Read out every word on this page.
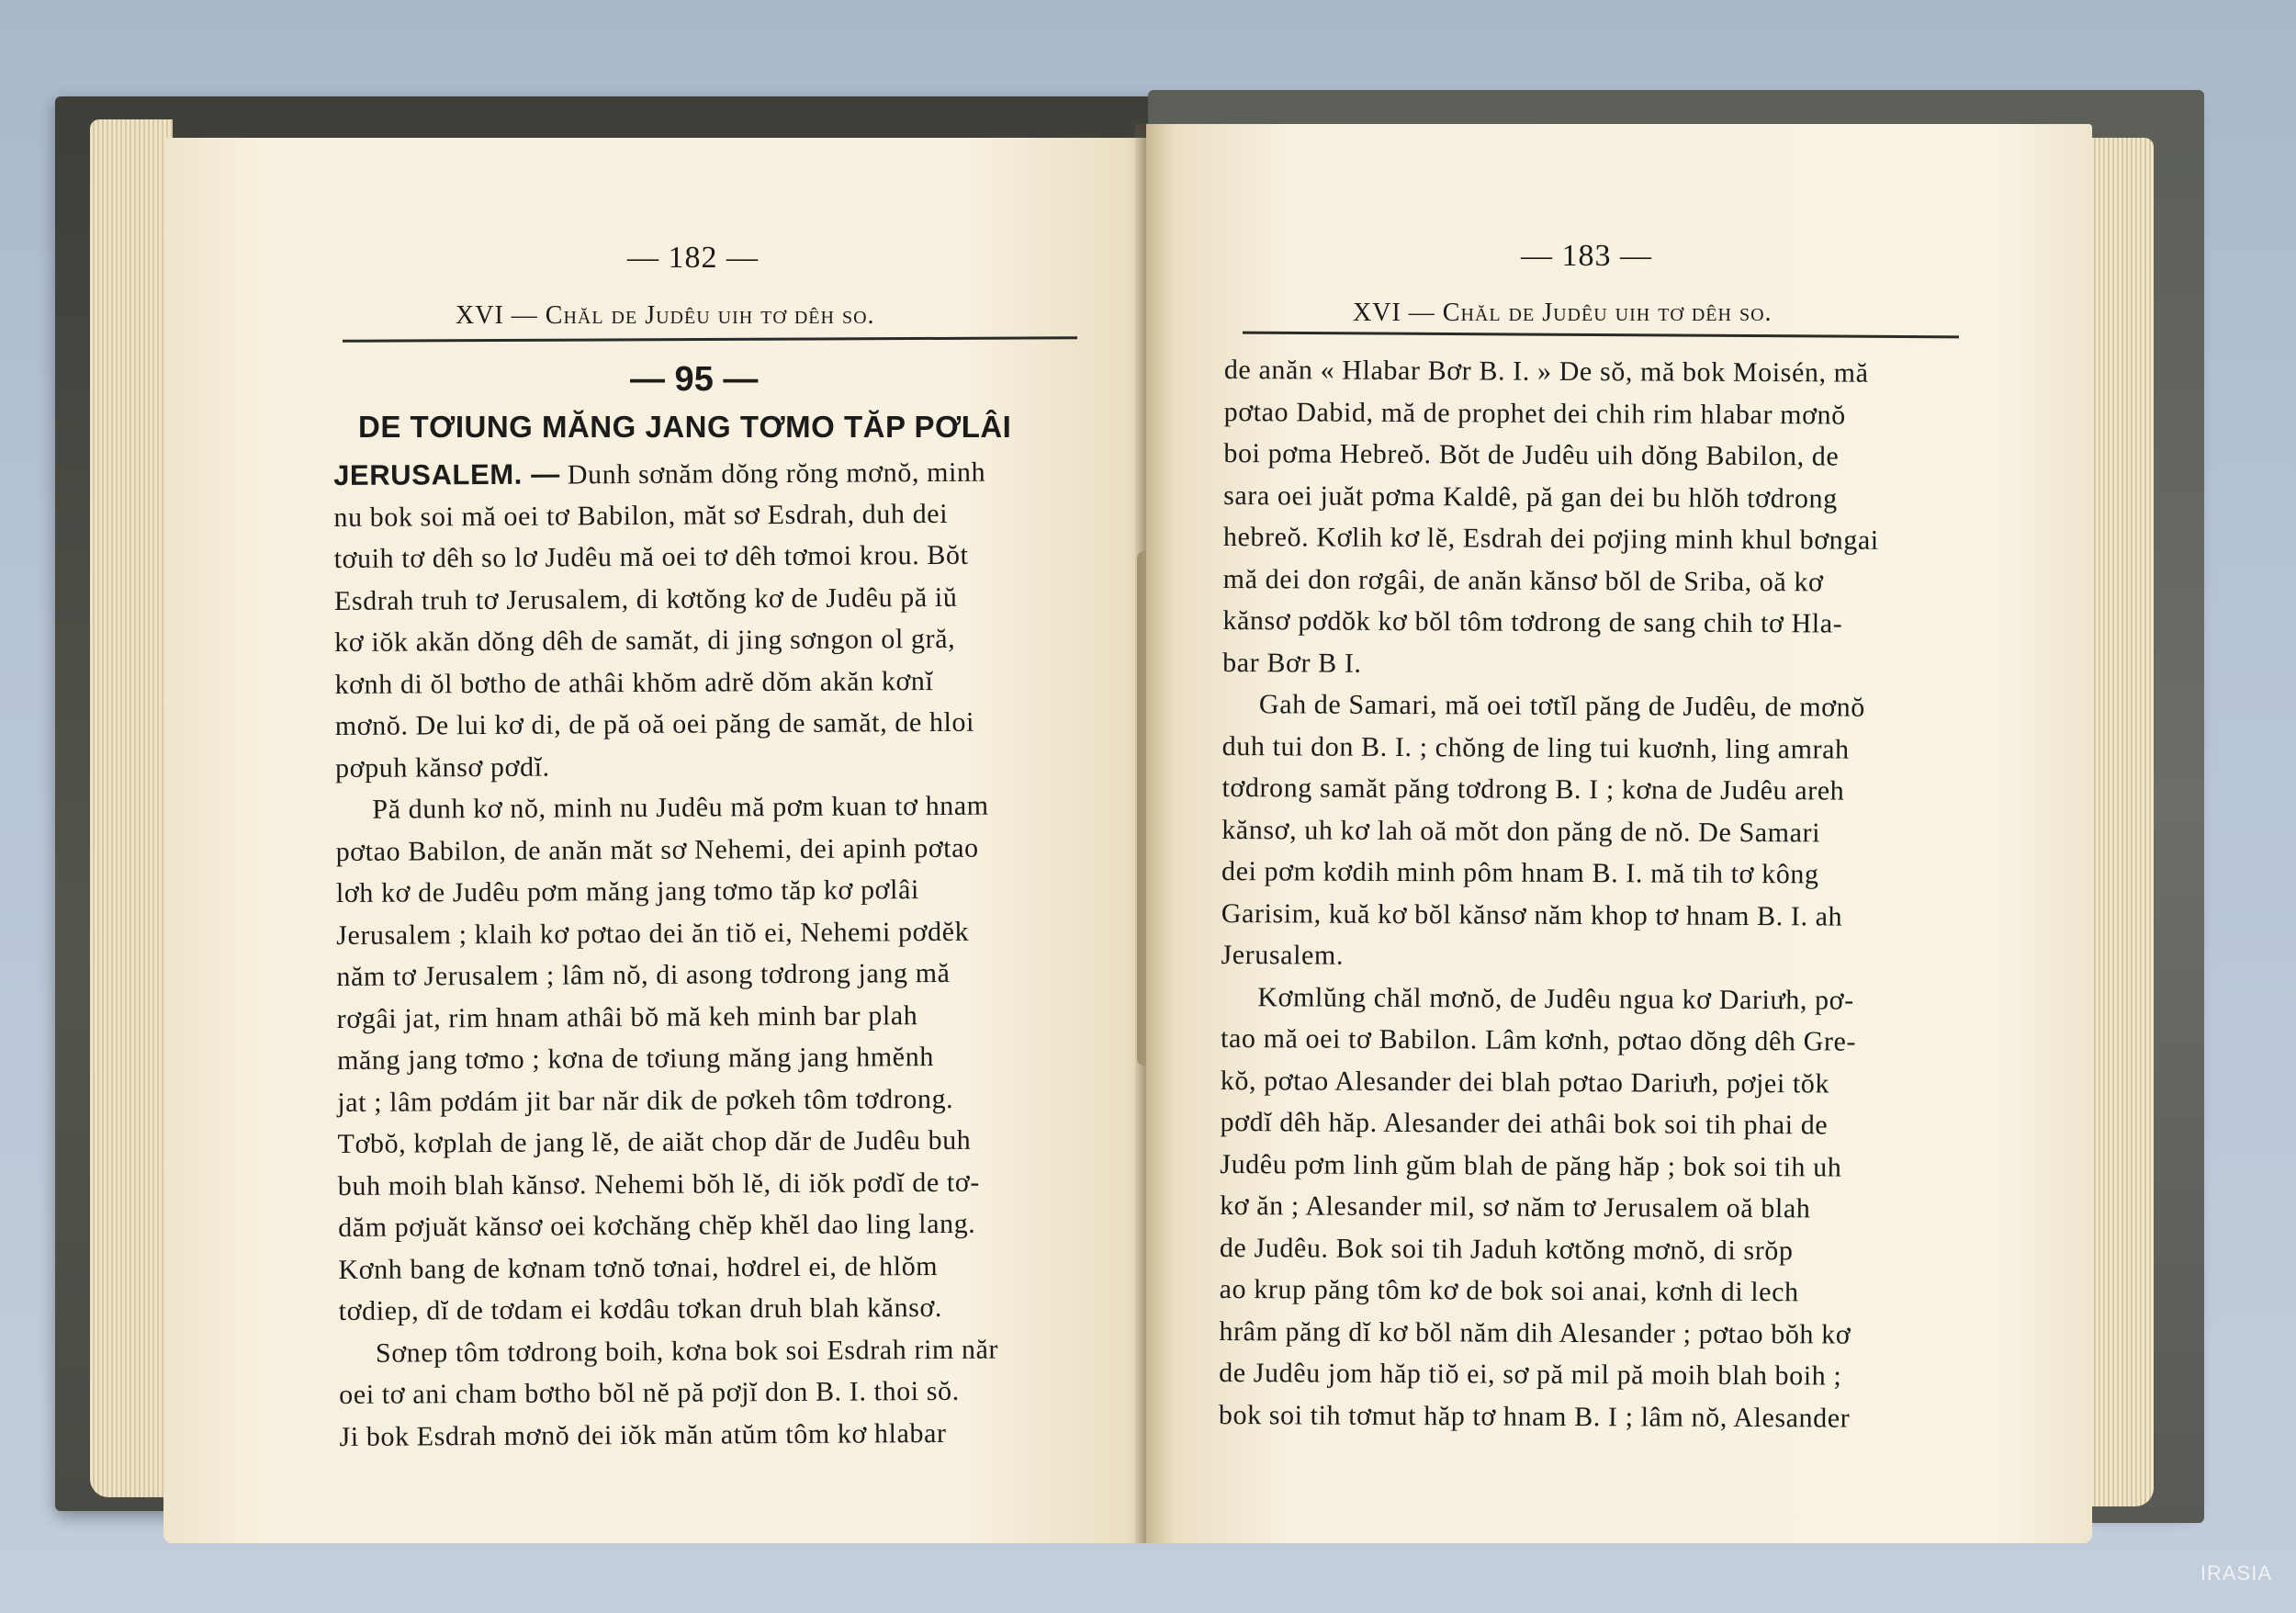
— 182 —
XVI — Chăl de Judêu uih tơ dêh so.
— 95 —
DE TƠIUNG MĂNG JANG TƠMO TĂP PƠLÂI
JERUSALEM. — Dunh sơnăm dŏng rŏng mơnŏ, minh
nu bok soi mă oei tơ Babilon, măt sơ Esdrah, duh dei
tơuih tơ dêh so lơ Judêu mă oei tơ dêh tơmoi krou. Bŏt
Esdrah truh tơ Jerusalem, di kơtŏng kơ de Judêu pă iŭ
kơ iŏk akăn dŏng dêh de samăt, di jing sơngon ol gră,
kơnh di ŏl bơtho de athâi khŏm adrĕ dŏm akăn kơnĭ
mơnŏ. De lui kơ di, de pă oă oei păng de samăt, de hloi
pơpuh kănsơ pơdĭ.
Pă dunh kơ nŏ, minh nu Judêu mă pơm kuan tơ hnam
pơtao Babilon, de anăn măt sơ Nehemi, dei apinh pơtao
lơh kơ de Judêu pơm măng jang tơmo tăp kơ pơlâi
Jerusalem ; klaih kơ pơtao dei ăn tiŏ ei, Nehemi pơdĕk
năm tơ Jerusalem ; lâm nŏ, di asong tơdrong jang mă
rơgâi jat, rim hnam athâi bŏ mă keh minh bar plah
măng jang tơmo ; kơna de tơiung măng jang hmĕnh
jat ; lâm pơdám jit bar năr dik de pơkeh tôm tơdrong.
Tơbŏ, kơplah de jang lĕ, de aiăt chop dăr de Judêu buh
buh moih blah kănsơ. Nehemi bŏh lĕ, di iŏk pơdĭ de tơ-
dăm pơjuăt kănsơ oei kơchăng chĕp khĕl dao ling lang.
Kơnh bang de kơnam tơnŏ tơnai, hơdrel ei, de hlŏm
tơdiep, dĭ de tơdam ei kơdâu tơkan druh blah kănsơ.
Sơnep tôm tơdrong boih, kơna bok soi Esdrah rim năr
oei tơ ani cham bơtho bŏl nĕ pă pơjĭ don B. I. thoi sŏ.
Ji bok Esdrah mơnŏ dei iŏk măn atŭm tôm kơ hlabar
— 183 —
XVI — Chăl de Judêu uih tơ dêh so.
de anăn « Hlabar Bơr B. I. » De sŏ, mă bok Moisén, mă
pơtao Dabid, mă de prophet dei chih rim hlabar mơnŏ
boi pơma Hebreŏ. Bŏt de Judêu uih dŏng Babilon, de
sara oei juăt pơma Kaldê, pă gan dei bu hlŏh tơdrong
hebreŏ. Kơlih kơ lĕ, Esdrah dei pơjing minh khul bơngai
mă dei don rơgâi, de anăn kănsơ bŏl de Sriba, oă kơ
kănsơ pơdŏk kơ bŏl tôm tơdrong de sang chih tơ Hla-
bar Bơr B I.
Gah de Samari, mă oei tơtĭl păng de Judêu, de mơnŏ
duh tui don B. I. ; chŏng de ling tui kuơnh, ling amrah
tơdrong samăt păng tơdrong B. I ; kơna de Judêu areh
kănsơ, uh kơ lah oă mŏt don păng de nŏ. De Samari
dei pơm kơdih minh pôm hnam B. I. mă tih tơ kông
Garisim, kuă kơ bŏl kănsơ năm khop tơ hnam B. I. ah
Jerusalem.
Kơmlŭng chăl mơnŏ, de Judêu ngua kơ Dariưh, pơ-
tao mă oei tơ Babilon. Lâm kơnh, pơtao dŏng dêh Gre-
kŏ, pơtao Alesander dei blah pơtao Dariưh, pơjei tŏk
pơdĭ dêh hăp. Alesander dei athâi bok soi tih phai de
Judêu pơm linh gŭm blah de păng hăp ; bok soi tih uh
kơ ăn ; Alesander mil, sơ năm tơ Jerusalem oă blah
de Judêu. Bok soi tih Jaduh kơtŏng mơnŏ, di srŏp
ao krup păng tôm kơ de bok soi anai, kơnh di lech
hrâm păng dĭ kơ bŏl năm dih Alesander ; pơtao bŏh kơ
de Judêu jom hăp tiŏ ei, sơ pă mil pă moih blah boih ;
bok soi tih tơmut hăp tơ hnam B. I ; lâm nŏ, Alesander
IRASIA
